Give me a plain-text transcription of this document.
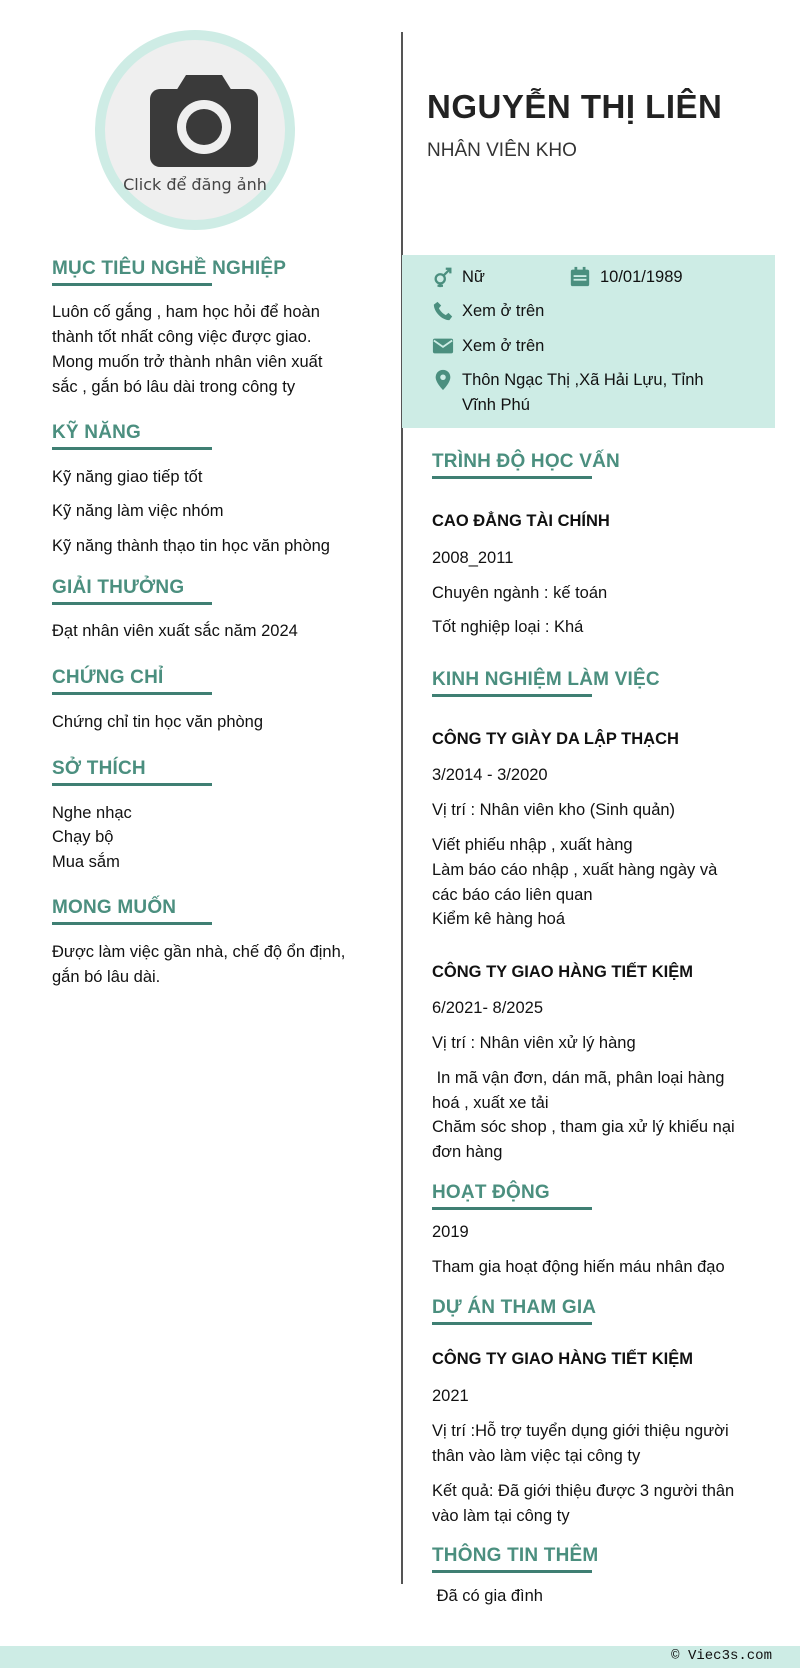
Click để đăng ảnh
NGUYỄN THỊ LIÊN
NHÂN VIÊN KHO
Nữ	10/01/1989
Xem ở trên
Xem ở trên
Thôn Ngạc Thị ,Xã Hải Lựu, Tỉnh
Vĩnh Phú
MỤC TIÊU NGHỀ NGHIỆP
Luôn cố gắng , ham học hỏi để hoàn
thành tốt nhất công việc được giao.
Mong muốn trở thành nhân viên xuất
sắc , gắn bó lâu dài trong công ty
KỸ NĂNG
Kỹ năng giao tiếp tốt
Kỹ năng làm việc nhóm
Kỹ năng thành thạo tin học văn phòng
GIẢI THƯỞNG
Đạt nhân viên xuất sắc năm 2024
CHỨNG CHỈ
Chứng chỉ tin học văn phòng
SỞ THÍCH
Nghe nhạc
Chạy bộ
Mua sắm
MONG MUỐN
Được làm việc gần nhà, chế độ ổn định,
gắn bó lâu dài.
TRÌNH ĐỘ HỌC VẤN
CAO ĐẲNG TÀI CHÍNH
2008_2011
Chuyên ngành : kế toán
Tốt nghiệp loại : Khá
KINH NGHIỆM LÀM VIỆC
CÔNG TY GIÀY DA LẬP THẠCH
3/2014 - 3/2020
Vị trí : Nhân viên kho (Sinh quản)
Viết phiếu nhập , xuất hàng
Làm báo cáo nhập , xuất hàng ngày và
các báo cáo liên quan
Kiểm kê hàng hoá
CÔNG TY GIAO HÀNG TIẾT KIỆM
6/2021- 8/2025
Vị trí : Nhân viên xử lý hàng
In mã vận đơn, dán mã, phân loại hàng
hoá , xuất xe tải
Chăm sóc shop , tham gia xử lý khiếu nại
đơn hàng
HOẠT ĐỘNG
2019
Tham gia hoạt động hiến máu nhân đạo
DỰ ÁN THAM GIA
CÔNG TY GIAO HÀNG TIẾT KIỆM
2021
Vị trí :Hỗ trợ tuyển dụng giới thiệu người
thân vào làm việc tại công ty
Kết quả: Đã giới thiệu được 3 người thân
vào làm tại công ty
THÔNG TIN THÊM
Đã có gia đình
© Viec3s.com
